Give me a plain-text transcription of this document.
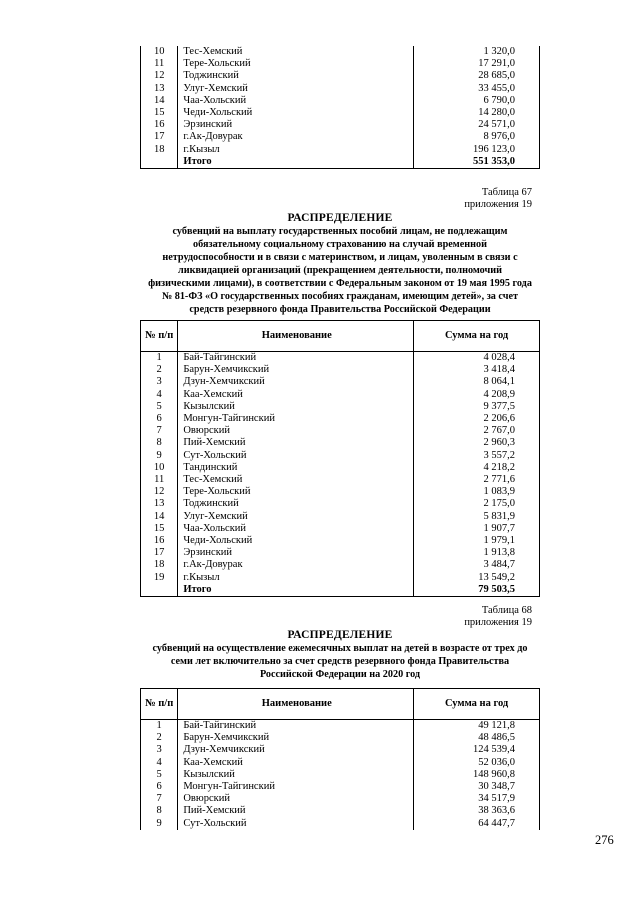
10	Тес-Хемский	1 320,0
11	Тере-Хольский	17 291,0
12	Тоджинский	28 685,0
13	Улуг-Хемский	33 455,0
14	Чаа-Хольский	6 790,0
15	Чеди-Хольский	14 280,0
16	Эрзинский	24 571,0
17	г.Ак-Довурак	8 976,0
18	г.Кызыл	196 123,0
	Итого	551 353,0
Таблица 67
приложения 19
РАСПРЕДЕЛЕНИЕ
субвенций на выплату государственных пособий лицам, не подлежащим обязательному социальному страхованию на случай временной нетрудоспособности и в связи с материнством, и лицам, уволенным в связи с ликвидацией организаций (прекращением деятельности, полномочий физическими лицами), в соответствии с Федеральным законом от 19 мая 1995 года № 81-ФЗ «О государственных пособиях гражданам, имеющим детей», за счет средств резервного фонда Правительства Российской Федерации
№ п/п	Наименование	Сумма на год
1	Бай-Тайгинский	4 028,4
2	Барун-Хемчикский	3 418,4
3	Дзун-Хемчикский	8 064,1
4	Каа-Хемский	4 208,9
5	Кызылский	9 377,5
6	Монгун-Тайгинский	2 206,6
7	Овюрский	2 767,0
8	Пий-Хемский	2 960,3
9	Сут-Хольский	3 557,2
10	Тандинский	4 218,2
11	Тес-Хемский	2 771,6
12	Тере-Хольский	1 083,9
13	Тоджинский	2 175,0
14	Улуг-Хемский	5 831,9
15	Чаа-Хольский	1 907,7
16	Чеди-Хольский	1 979,1
17	Эрзинский	1 913,8
18	г.Ак-Довурак	3 484,7
19	г.Кызыл	13 549,2
	Итого	79 503,5
Таблица 68
приложения 19
РАСПРЕДЕЛЕНИЕ
субвенций на осуществление ежемесячных выплат на детей в возрасте от трех до семи лет включительно за счет средств резервного фонда Правительства Российской Федерации на 2020 год
№ п/п	Наименование	Сумма на год
1	Бай-Тайгинский	49 121,8
2	Барун-Хемчикский	48 486,5
3	Дзун-Хемчикский	124 539,4
4	Каа-Хемский	52 036,0
5	Кызылский	148 960,8
6	Монгун-Тайгинский	30 348,7
7	Овюрский	34 517,9
8	Пий-Хемский	38 363,6
9	Сут-Хольский	64 447,7
276
